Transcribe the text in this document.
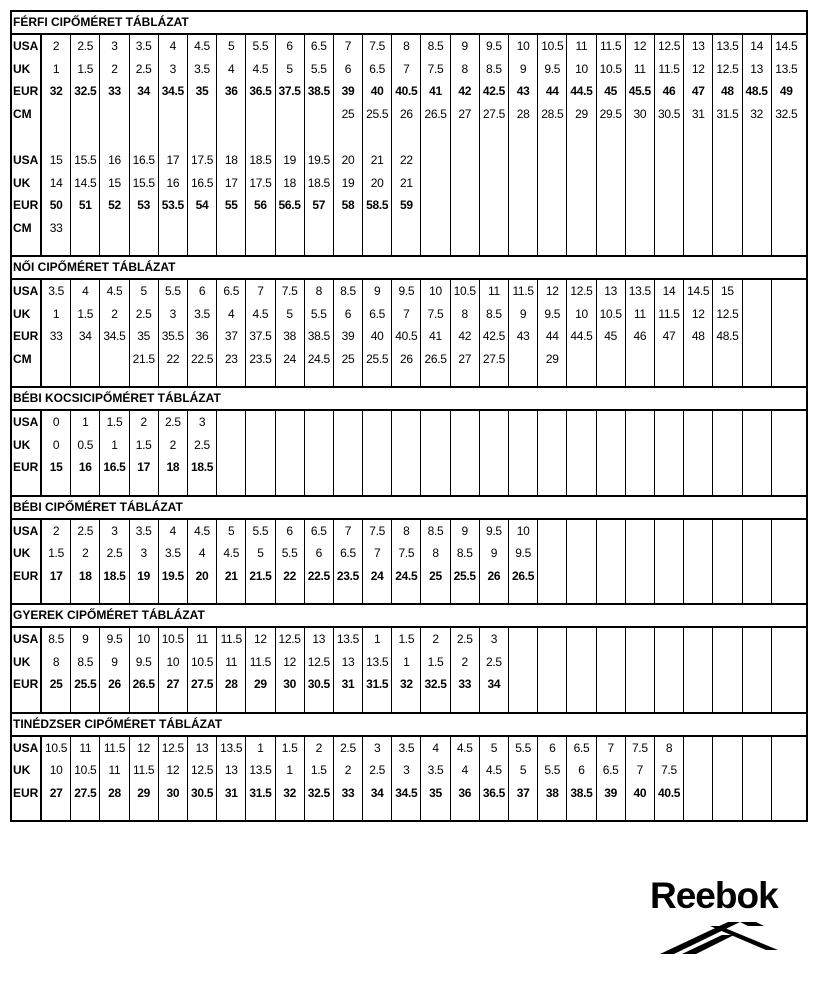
FÉRFI CIPŐMÉRET TÁBLÁZAT
USA
UK
EUR
CM
USA
UK
EUR
CM
2
1
32
15
14
50
33
2.5
1.5
32.5
15.5
14.5
51
3
2
33
16
15
52
3.5
2.5
34
16.5
15.5
53
4
3
34.5
17
16
53.5
4.5
3.5
35
17.5
16.5
54
5
4
36
18
17
55
5.5
4.5
36.5
18.5
17.5
56
6
5
37.5
19
18
56.5
6.5
5.5
38.5
19.5
18.5
57
7
6
39
25
20
19
58
7.5
6.5
40
25.5
21
20
58.5
8
7
40.5
26
22
21
59
8.5
7.5
41
26.5
9
8
42
27
9.5
8.5
42.5
27.5
10
9
43
28
10.5
9.5
44
28.5
11
10
44.5
29
11.5
10.5
45
29.5
12
11
45.5
30
12.5
11.5
46
30.5
13
12
47
31
13.5
12.5
48
31.5
14
13
48.5
32
14.5
13.5
49
32.5
NŐI CIPŐMÉRET TÁBLÁZAT
USA
UK
EUR
CM
3.5
1
33
4
1.5
34
4.5
2
34.5
5
2.5
35
21.5
5.5
3
35.5
22
6
3.5
36
22.5
6.5
4
37
23
7
4.5
37.5
23.5
7.5
5
38
24
8
5.5
38.5
24.5
8.5
6
39
25
9
6.5
40
25.5
9.5
7
40.5
26
10
7.5
41
26.5
10.5
8
42
27
11
8.5
42.5
27.5
11.5
9
43
12
9.5
44
29
12.5
10
44.5
13
10.5
45
13.5
11
46
14
11.5
47
14.5
12
48
15
12.5
48.5
BÉBI KOCSICIPŐMÉRET TÁBLÁZAT
USA
UK
EUR
0
0
15
1
0.5
16
1.5
1
16.5
2
1.5
17
2.5
2
18
3
2.5
18.5
BÉBI CIPŐMÉRET TÁBLÁZAT
USA
UK
EUR
2
1.5
17
2.5
2
18
3
2.5
18.5
3.5
3
19
4
3.5
19.5
4.5
4
20
5
4.5
21
5.5
5
21.5
6
5.5
22
6.5
6
22.5
7
6.5
23.5
7.5
7
24
8
7.5
24.5
8.5
8
25
9
8.5
25.5
9.5
9
26
10
9.5
26.5
GYEREK CIPŐMÉRET TÁBLÁZAT
USA
UK
EUR
8.5
8
25
9
8.5
25.5
9.5
9
26
10
9.5
26.5
10.5
10
27
11
10.5
27.5
11.5
11
28
12
11.5
29
12.5
12
30
13
12.5
30.5
13.5
13
31
1
13.5
31.5
1.5
1
32
2
1.5
32.5
2.5
2
33
3
2.5
34
TINÉDZSER CIPŐMÉRET TÁBLÁZAT
USA
UK
EUR
10.5
10
27
11
10.5
27.5
11.5
11
28
12
11.5
29
12.5
12
30
13
12.5
30.5
13.5
13
31
1
13.5
31.5
1.5
1
32
2
1.5
32.5
2.5
2
33
3
2.5
34
3.5
3
34.5
4
3.5
35
4.5
4
36
5
4.5
36.5
5.5
5
37
6
5.5
38
6.5
6
38.5
7
6.5
39
7.5
7
40
8
7.5
40.5
Reebok
